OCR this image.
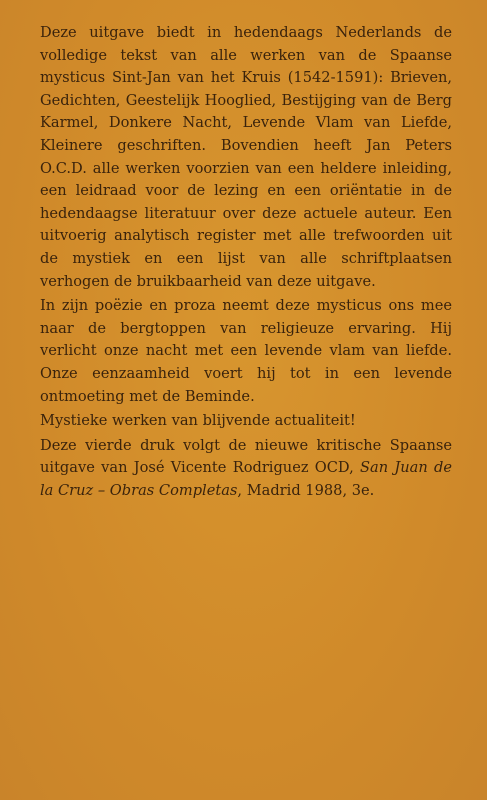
Deze uitgave biedt in hedendaags Nederlands de volledige tekst van alle werken van de Spaanse mysticus Sint-Jan van het Kruis (1542-1591): Brieven, Gedichten, Geestelijk Hooglied, Bestijging van de Berg Karmel, Donkere Nacht, Levende Vlam van Liefde, Kleinere geschriften. Bovendien heeft Jan Peters O.C.D. alle werken voorzien van een heldere inleiding, een leidraad voor de lezing en een oriëntatie in de hedendaagse literatuur over deze actuele auteur. Een uitvoerig analytisch register met alle trefwoorden uit de mystiek en een lijst van alle schriftplaatsen verhogen de bruikbaarheid van deze uitgave.

In zijn poëzie en proza neemt deze mysticus ons mee naar de bergtoppen van religieuze ervaring. Hij verlicht onze nacht met een levende vlam van liefde. Onze eenzaamheid voert hij tot in een levende ontmoeting met de Beminde.

Mystieke werken van blijvende actualiteit!

Deze vierde druk volgt de nieuwe kritische Spaanse uitgave van José Vicente Rodriguez OCD, San Juan de la Cruz – Obras Completas, Madrid 1988, 3e.
